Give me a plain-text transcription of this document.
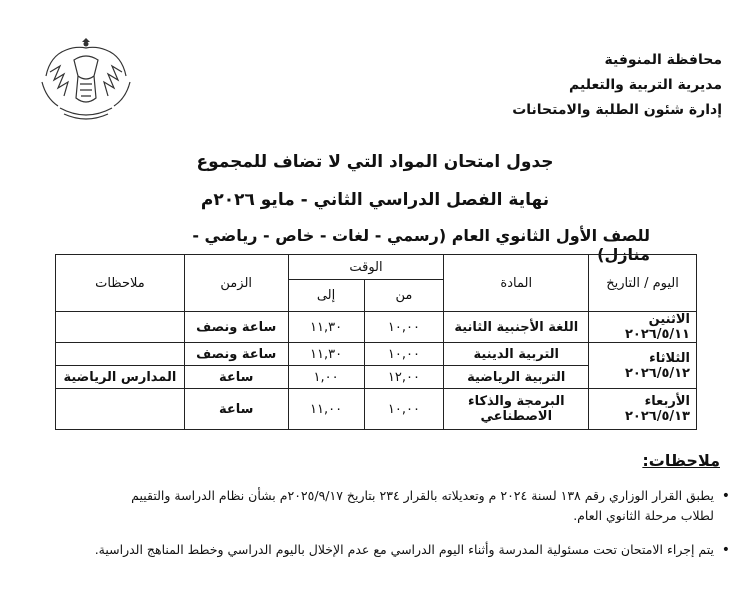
محافظة المنوفية
مديرية التربية والتعليم
إدارة شئون الطلبة والامتحانات
جدول امتحان المواد التي لا تضاف للمجموع
نهاية الفصل الدراسي الثاني - مايو ٢٠٢٦م
للصف الأول الثانوي العام (رسمي - لغات - خاص - رياضي - منازل)
اليوم / التاريخ	المادة	الوقت		الزمن	ملاحظات
		من	إلى		
الاثنين ٢٠٢٦/٥/١١	اللغة الأجنبية الثانية	١٠,٠٠	١١,٣٠	ساعة ونصف	
الثلاثاء ٢٠٢٦/٥/١٢	التربية الدينية	١٠,٠٠	١١,٣٠	ساعة ونصف	
	التربية الرياضية	١٢,٠٠	١,٠٠	ساعة	المدارس الرياضية
الأربعاء ٢٠٢٦/٥/١٣	البرمجة والذكاء الاصطناعي	١٠,٠٠	١١,٠٠	ساعة	
ملاحظات:
•
يطبق القرار الوزاري رقم ١٣٨ لسنة ٢٠٢٤ م وتعديلاته بالقرار ٢٣٤ بتاريخ ٢٠٢٥/٩/١٧م بشأن نظام الدراسة والتقييم
لطلاب مرحلة الثانوي العام.
•
يتم إجراء الامتحان تحت مسئولية المدرسة وأثناء اليوم الدراسي مع عدم الإخلال باليوم الدراسي وخطط المناهج الدراسية.
